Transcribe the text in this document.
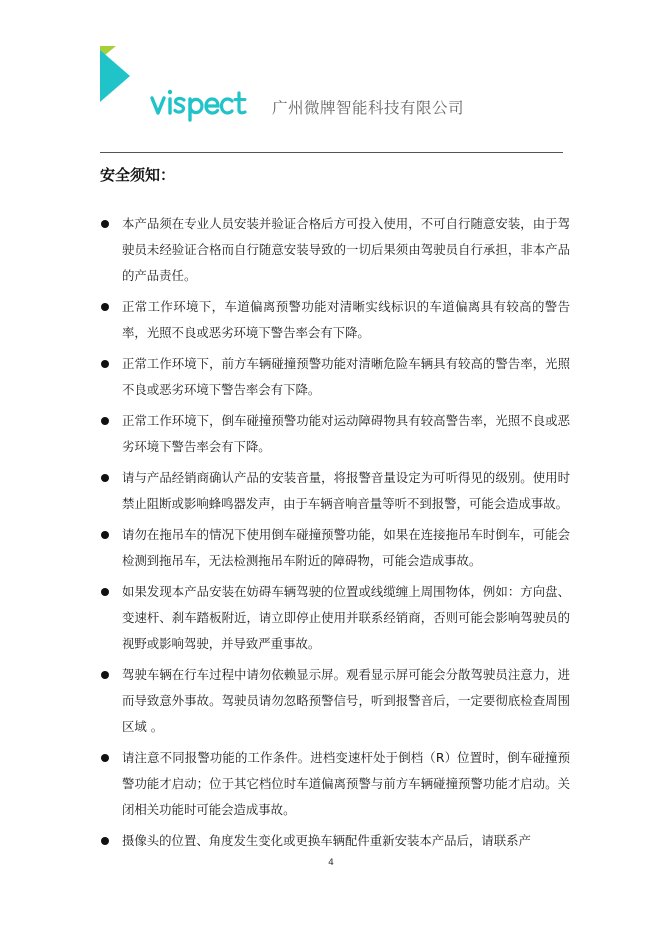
广州微牌智能科技有限公司
安全须知：
本产品须在专业人员安装并验证合格后方可投入使用，不可自行随意安装，由于驾驶员未经验证合格而自行随意安装导致的一切后果须由驾驶员自行承担，非本产品的产品责任。
正常工作环境下，车道偏离预警功能对清晰实线标识的车道偏离具有较高的警告率，光照不良或恶劣环境下警告率会有下降。
正常工作环境下，前方车辆碰撞预警功能对清晰危险车辆具有较高的警告率，光照不良或恶劣环境下警告率会有下降。
正常工作环境下，倒车碰撞预警功能对运动障碍物具有较高警告率，光照不良或恶劣环境下警告率会有下降。
请与产品经销商确认产品的安装音量，将报警音量设定为可听得见的级别。使用时禁止阻断或影响蜂鸣器发声，由于车辆音响音量等听不到报警，可能会造成事故。
请勿在拖吊车的情况下使用倒车碰撞预警功能，如果在连接拖吊车时倒车，可能会检测到拖吊车，无法检测拖吊车附近的障碍物，可能会造成事故。
如果发现本产品安装在妨碍车辆驾驶的位置或线缆缠上周围物体，例如：方向盘、变速杆、刹车踏板附近，请立即停止使用并联系经销商，否则可能会影响驾驶员的视野或影响驾驶，并导致严重事故。
驾驶车辆在行车过程中请勿依赖显示屏。观看显示屏可能会分散驾驶员注意力，进而导致意外事故。驾驶员请勿忽略预警信号，听到报警音后，一定要彻底检查周围区域 。
请注意不同报警功能的工作条件。进档变速杆处于倒档（R）位置时，倒车碰撞预警功能才启动；位于其它档位时车道偏离预警与前方车辆碰撞预警功能才启动。关闭相关功能时可能会造成事故。
摄像头的位置、角度发生变化或更换车辆配件重新安装本产品后，请联系产
4
